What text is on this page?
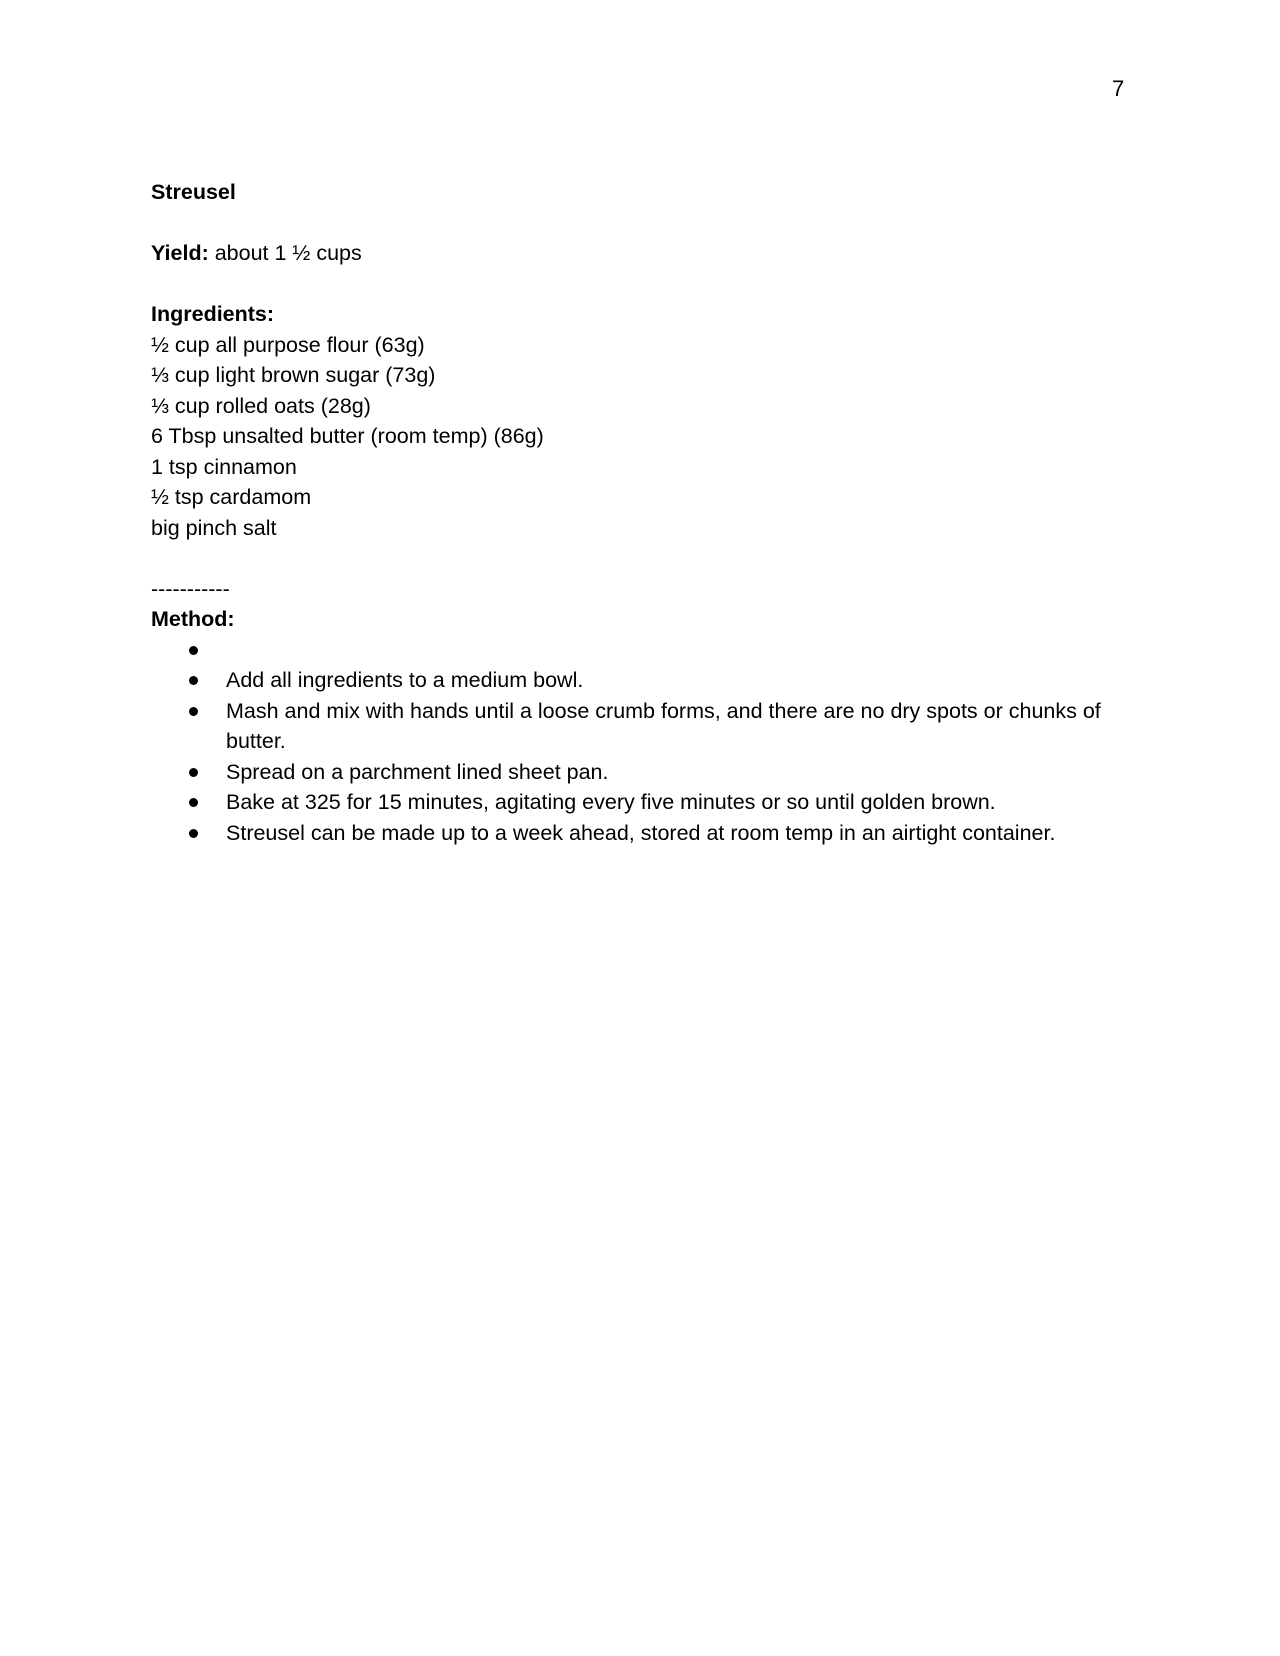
7

Streusel

Yield: about 1 ½ cups

Ingredients:

½ cup all purpose flour (63g)
⅓ cup light brown sugar (73g)
⅓ cup rolled oats (28g)
6 Tbsp unsalted butter (room temp) (86g)
1 tsp cinnamon
½ tsp cardamom
big pinch salt

-----------

Method:

Add all ingredients to a medium bowl.
Mash and mix with hands until a loose crumb forms, and there are no dry spots or chunks of butter.
Spread on a parchment lined sheet pan.
Bake at 325 for 15 minutes, agitating every five minutes or so until golden brown.
Streusel can be made up to a week ahead, stored at room temp in an airtight container.
